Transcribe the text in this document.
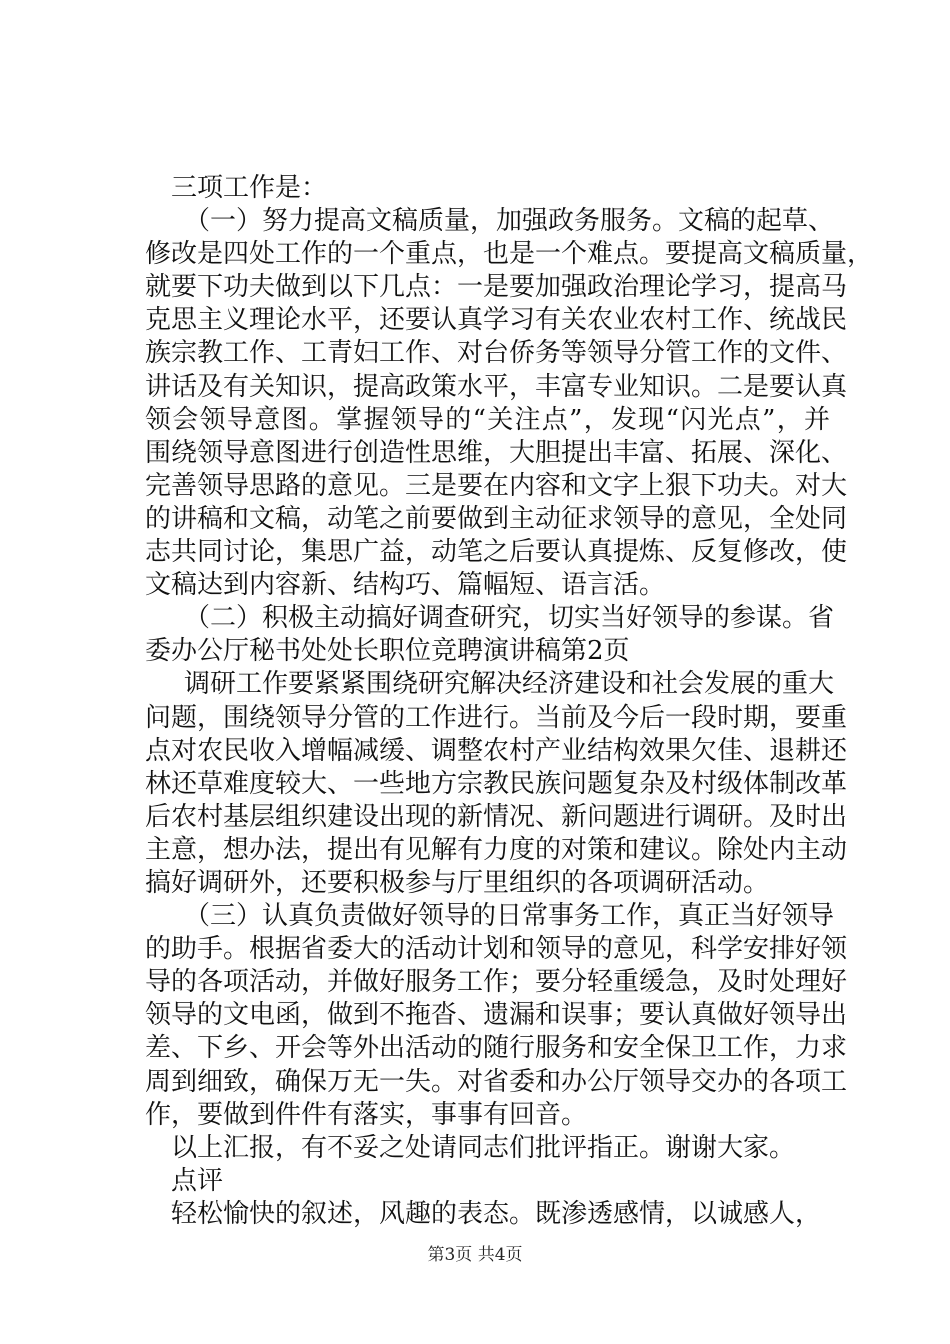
三项工作是：
（一）努力提高文稿质量，加强政务服务。文稿的起草、
修改是四处工作的一个重点，也是一个难点。要提高文稿质量，
就要下功夫做到以下几点：一是要加强政治理论学习，提高马
克思主义理论水平，还要认真学习有关农业农村工作、统战民
族宗教工作、工青妇工作、对台侨务等领导分管工作的文件、
讲话及有关知识，提高政策水平，丰富专业知识。二是要认真
领会领导意图。掌握领导的“关注点”，发现“闪光点”，并
围绕领导意图进行创造性思维，大胆提出丰富、拓展、深化、
完善领导思路的意见。三是要在内容和文字上狠下功夫。对大
的讲稿和文稿，动笔之前要做到主动征求领导的意见，全处同
志共同讨论，集思广益，动笔之后要认真提炼、反复修改，使
文稿达到内容新、结构巧、篇幅短、语言活。
（二）积极主动搞好调查研究，切实当好领导的参谋。省
委办公厅秘书处处长职位竞聘演讲稿第2页
调研工作要紧紧围绕研究解决经济建设和社会发展的重大
问题，围绕领导分管的工作进行。当前及今后一段时期，要重
点对农民收入增幅减缓、调整农村产业结构效果欠佳、退耕还
林还草难度较大、一些地方宗教民族问题复杂及村级体制改革
后农村基层组织建设出现的新情况、新问题进行调研。及时出
主意，想办法，提出有见解有力度的对策和建议。除处内主动
搞好调研外，还要积极参与厅里组织的各项调研活动。
（三）认真负责做好领导的日常事务工作，真正当好领导
的助手。根据省委大的活动计划和领导的意见，科学安排好领
导的各项活动，并做好服务工作；要分轻重缓急，及时处理好
领导的文电函，做到不拖沓、遗漏和误事；要认真做好领导出
差、下乡、开会等外出活动的随行服务和安全保卫工作，力求
周到细致，确保万无一失。对省委和办公厅领导交办的各项工
作，要做到件件有落实，事事有回音。
以上汇报，有不妥之处请同志们批评指正。谢谢大家。
点评
轻松愉快的叙述，风趣的表态。既渗透感情，以诚感人，
第3页 共4页
